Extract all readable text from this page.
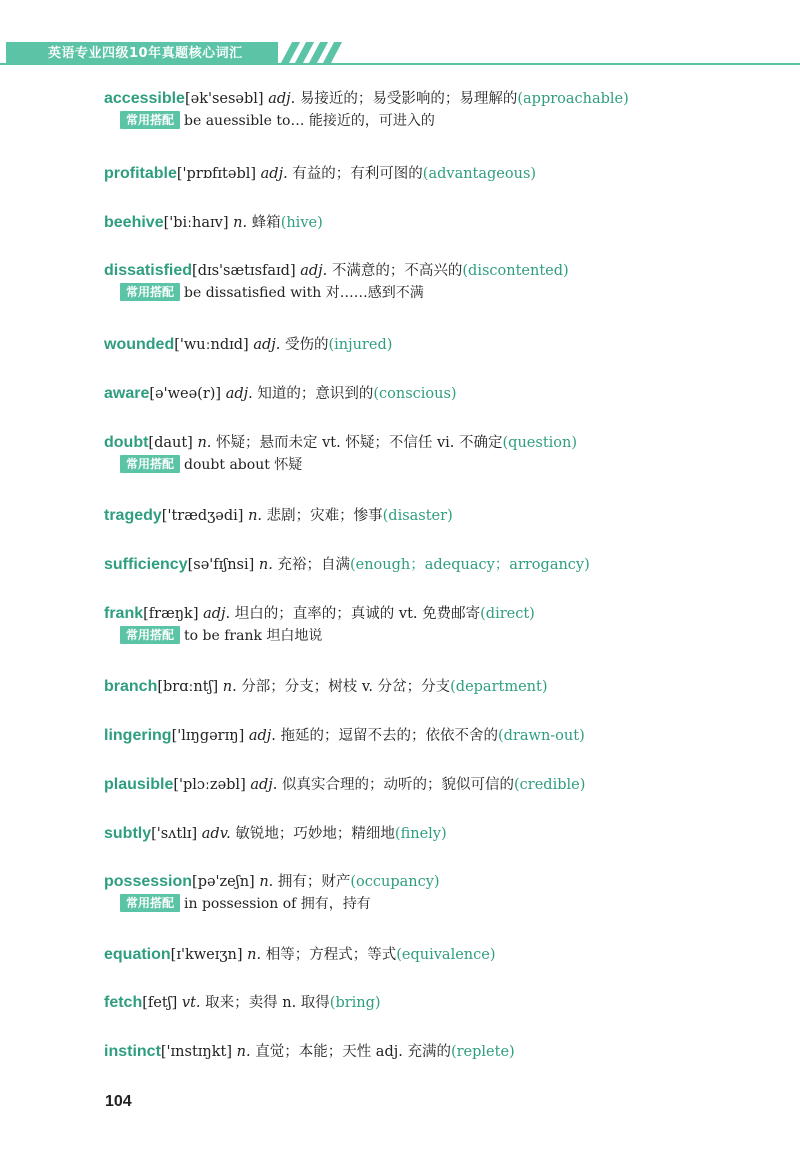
英语专业四级10年真题核心词汇
accessible[ək'sesəbl] adj. 易接近的；易受影响的；易理解的(approachable)
常用搭配 be auessible to… 能接近的，可进入的
profitable['prɒfɪtəbl] adj. 有益的；有利可图的(advantageous)
beehive['biːhaɪv] n. 蜂箱(hive)
dissatisfied[dɪs'sætɪsfaɪd] adj. 不满意的；不高兴的(discontented)
常用搭配 be dissatisfied with 对……感到不满
wounded['wuːndɪd] adj. 受伤的(injured)
aware[ə'weə(r)] adj. 知道的；意识到的(conscious)
doubt[daut] n. 怀疑；悬而未定 vt. 怀疑；不信任 vi. 不确定(question)
常用搭配 doubt about 怀疑
tragedy['trædʒədi] n. 悲剧；灾难；惨事(disaster)
sufficiency[sə'fɪʃnsi] n. 充裕；自满(enough；adequacy；arrogancy)
frank[fræŋk] adj. 坦白的；直率的；真诚的 vt. 免费邮寄(direct)
常用搭配 to be frank 坦白地说
branch[brɑːntʃ] n. 分部；分支；树枝 v. 分岔；分支(department)
lingering['lɪŋgərɪŋ] adj. 拖延的；逗留不去的；依依不舍的(drawn-out)
plausible['plɔːzəbl] adj. 似真实合理的；动听的；貌似可信的(credible)
subtly['sʌtlɪ] adv. 敏锐地；巧妙地；精细地(finely)
possession[pə'zeʃn] n. 拥有；财产(occupancy)
常用搭配 in possession of 拥有，持有
equation[ɪ'kweɪʒn] n. 相等；方程式；等式(equivalence)
fetch[fetʃ] vt. 取来；卖得 n. 取得(bring)
instinct['ɪnstɪŋkt] n. 直觉；本能；天性 adj. 充满的(replete)
104
